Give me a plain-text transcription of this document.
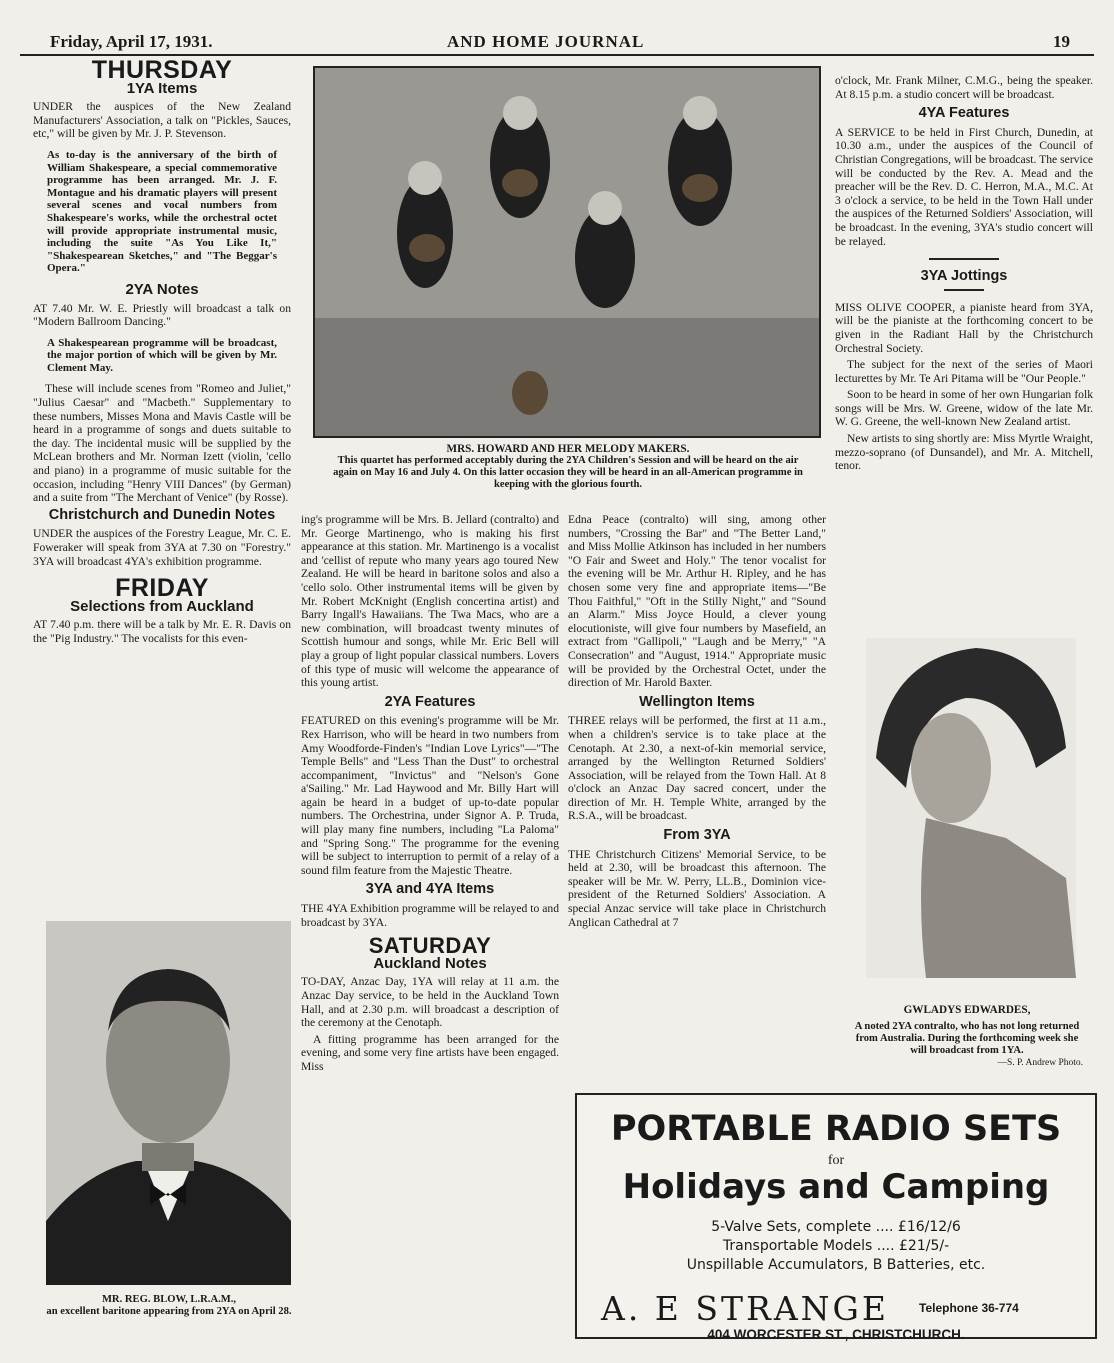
Friday, April 17, 1931.	AND HOME JOURNAL	19
THURSDAY
1YA Items

UNDER the auspices of the New Zealand Manufacturers' Association, a talk on "Pickles, Sauces, etc," will be given by Mr. J. P. Stevenson.

As to-day is the anniversary of the birth of William Shakespeare, a special commemorative programme has been arranged. Mr. J. F. Montague and his dramatic players will present several scenes and vocal numbers from Shakespeare's works, while the orchestral octet will provide appropriate instrumental music, including the suite "As You Like It," "Shakespearean Sketches," and "The Beggar's Opera."

2YA Notes

AT 7.40 Mr. W. E. Priestly will broadcast a talk on "Modern Ballroom Dancing."

A Shakespearean programme will be broadcast, the major portion of which will be given by Mr. Clement May.

These will include scenes from "Romeo and Juliet," "Julius Caesar" and "Macbeth." Supplementary to these numbers, Misses Mona and Mavis Castle will be heard in a programme of songs and duets suitable to the day. The incidental music will be supplied by the McLean brothers and Mr. Norman Izett (violin, 'cello and piano) in a programme of music suitable for the occasion, including "Henry VIII Dances" (by German) and a suite from "The Merchant of Venice" (by Rosse).

Christchurch and Dunedin Notes

UNDER the auspices of the Forestry League, Mr. C. E. Foweraker will speak from 3YA at 7.30 on "Forestry." 3YA will broadcast 4YA's exhibition programme.

FRIDAY
Selections from Auckland

AT 7.40 p.m. there will be a talk by Mr. E. R. Davis on the "Pig Industry." The vocalists for this even-

MR. REG. BLOW, L.R.A.M.,
an excellent baritone appearing from 2YA on April 28.
MRS. HOWARD AND HER MELODY MAKERS.
This quartet has performed acceptably during the 2YA Children's Session and will be heard on the air again on May 16 and July 4. On this latter occasion they will be heard in an all-American programme in keeping with the glorious fourth.

ing's programme will be Mrs. B. Jellard (contralto) and Mr. George Martinengo, who is making his first appearance at this station. Mr. Martinengo is a vocalist and 'cellist of repute who many years ago toured New Zealand. He will be heard in baritone solos and also a 'cello solo. Other instrumental items will be given by Mr. Robert McKnight (English concertina artist) and Barry Ingall's Hawaiians. The Twa Macs, who are a new combination, will broadcast twenty minutes of Scottish humour and songs, while Mr. Eric Bell will play a group of light popular classical numbers. Lovers of this type of music will welcome the appearance of this young artist.

2YA Features

FEATURED on this evening's programme will be Mr. Rex Harrison, who will be heard in two numbers from Amy Woodforde-Finden's "Indian Love Lyrics"—"The Temple Bells" and "Less Than the Dust" to orchestral accompaniment, "Invictus" and "Nelson's Gone a'Sailing." Mr. Lad Haywood and Mr. Billy Hart will again be heard in a budget of up-to-date popular numbers. The Orchestrina, under Signor A. P. Truda, will play many fine numbers, including "La Paloma" and "Spring Song." The programme for the evening will be subject to interruption to permit of a relay of a sound film feature from the Majestic Theatre.

3YA and 4YA Items

THE 4YA Exhibition programme will be relayed to and broadcast by 3YA.

SATURDAY
Auckland Notes

TO-DAY, Anzac Day, 1YA will relay at 11 a.m. the Anzac Day service, to be held in the Auckland Town Hall, and at 2.30 p.m. will broadcast a description of the ceremony at the Cenotaph.

A fitting programme has been arranged for the evening, and some very fine artists have been engaged. Miss

Edna Peace (contralto) will sing, among other numbers, "Crossing the Bar" and "The Better Land," and Miss Mollie Atkinson has included in her numbers "O Fair and Sweet and Holy." The tenor vocalist for the evening will be Mr. Arthur H. Ripley, and he has chosen some very fine and appropriate items—"Be Thou Faithful," "Oft in the Stilly Night," and "Sound an Alarm." Miss Joyce Hould, a clever young elocutioniste, will give four numbers by Masefield, an extract from "Gallipoli," "Laugh and be Merry," "A Consecration" and "August, 1914." Appropriate music will be provided by the Orchestral Octet, under the direction of Mr. Harold Baxter.

Wellington Items

THREE relays will be performed, the first at 11 a.m., when a children's service is to take place at the Cenotaph. At 2.30, a next-of-kin memorial service, arranged by the Wellington Returned Soldiers' Association, will be relayed from the Town Hall. At 8 o'clock an Anzac Day sacred concert, under the direction of Mr. H. Temple White, arranged by the R.S.A., will be broadcast.

From 3YA

THE Christchurch Citizens' Memorial Service, to be held at 2.30, will be broadcast this afternoon. The speaker will be Mr. W. Perry, LL.B., Dominion vice-president of the Returned Soldiers' Association. A special Anzac service will take place in Christchurch Anglican Cathedral at 7

o'clock, Mr. Frank Milner, C.M.G., being the speaker. At 8.15 p.m. a studio concert will be broadcast.

4YA Features

A SERVICE to be held in First Church, Dunedin, at 10.30 a.m., under the auspices of the Council of Christian Congregations, will be broadcast. The service will be conducted by the Rev. A. Mead and the preacher will be the Rev. D. C. Herron, M.A., M.C. At 3 o'clock a service, to be held in the Town Hall under the auspices of the Returned Soldiers' Association, will be broadcast. In the evening, 3YA's studio concert will be relayed.

3YA Jottings

MISS OLIVE COOPER, a pianiste heard from 3YA, will be the pianiste at the forthcoming concert to be given in the Radiant Hall by the Christchurch Orchestral Society.

The subject for the next of the series of Maori lecturettes by Mr. Te Ari Pitama will be "Our People."

Soon to be heard in some of her own Hungarian folk songs will be Mrs. W. Greene, widow of the late Mr. W. G. Greene, the well-known New Zealand artist.

New artists to sing shortly are: Miss Myrtle Wraight, mezzo-soprano (of Dunsandel), and Mr. A. Mitchell, tenor.

GWLADYS EDWARDES,
A noted 2YA contralto, who has not long returned from Australia. During the forthcoming week she will broadcast from 1YA.
—S. P. Andrew Photo.
PORTABLE RADIO SETS
for
Holidays and Camping
5-Valve Sets, complete .... £16/12/6
Transportable Models .... £21/5/-
Unspillable Accumulators, B Batteries, etc.
A. E STRANGE Telephone 36-774
404 WORCESTER ST., CHRISTCHURCH.
